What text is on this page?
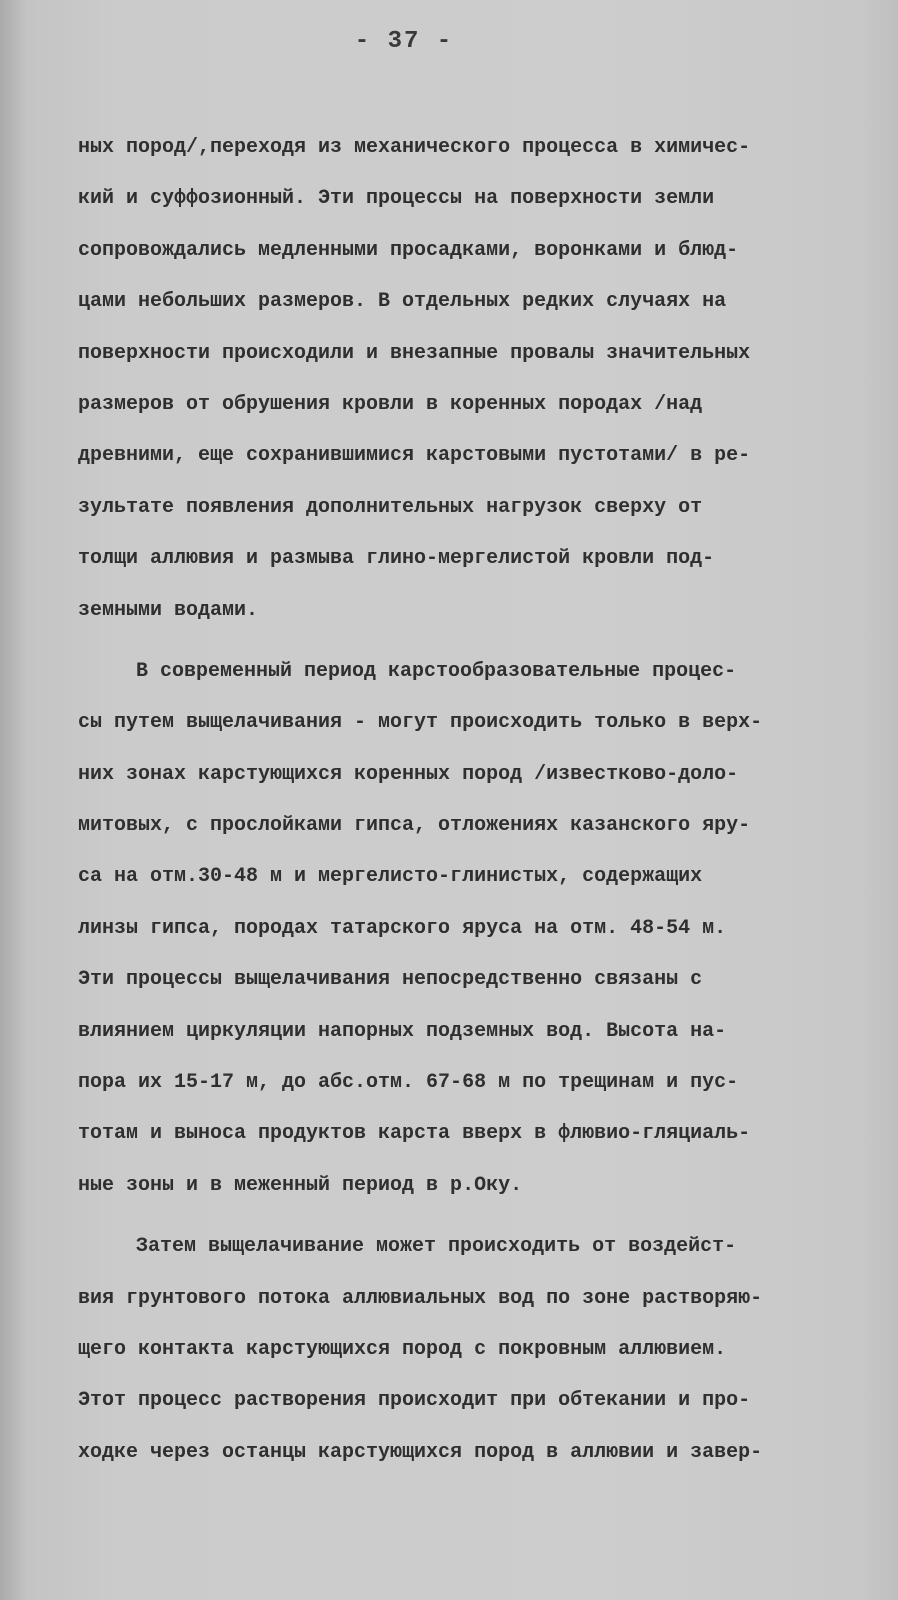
- 37 -
ных пород/,переходя из механического процесса в химичес-
кий и суффозионный. Эти процессы на поверхности земли
сопровождались медленными просадками, воронками и блюд-
цами небольших размеров. В отдельных редких случаях на
поверхности происходили и внезапные провалы значительных
размеров от обрушения кровли в коренных породах /над
древними, еще сохранившимися карстовыми пустотами/ в ре-
зультате появления дополнительных нагрузок сверху от
толщи аллювия и размыва глино-мергелистой кровли под-
земными водами.
В современный период карстообразовательные процес-
сы путем выщелачивания - могут происходить только в верх-
них зонах карстующихся коренных пород /известково-доло-
митовых, с прослойками гипса, отложениях казанского яру-
са на отм.30-48 м и мергелисто-глинистых, содержащих
линзы гипса, породах татарского яруса на отм. 48-54 м.
Эти процессы выщелачивания непосредственно связаны с
влиянием циркуляции напорных подземных вод. Высота на-
пора их 15-17 м, до абс.отм. 67-68 м по трещинам и пус-
тотам и выноса продуктов карста вверх в флювио-гляциаль-
ные зоны и в меженный период в р.Оку.
Затем выщелачивание может происходить от воздейст-
вия грунтового потока аллювиальных вод по зоне растворяю-
щего контакта карстующихся пород с покровным аллювием.
Этот процесс растворения происходит при обтекании и про-
ходке через останцы карстующихся пород в аллювии и завер-
